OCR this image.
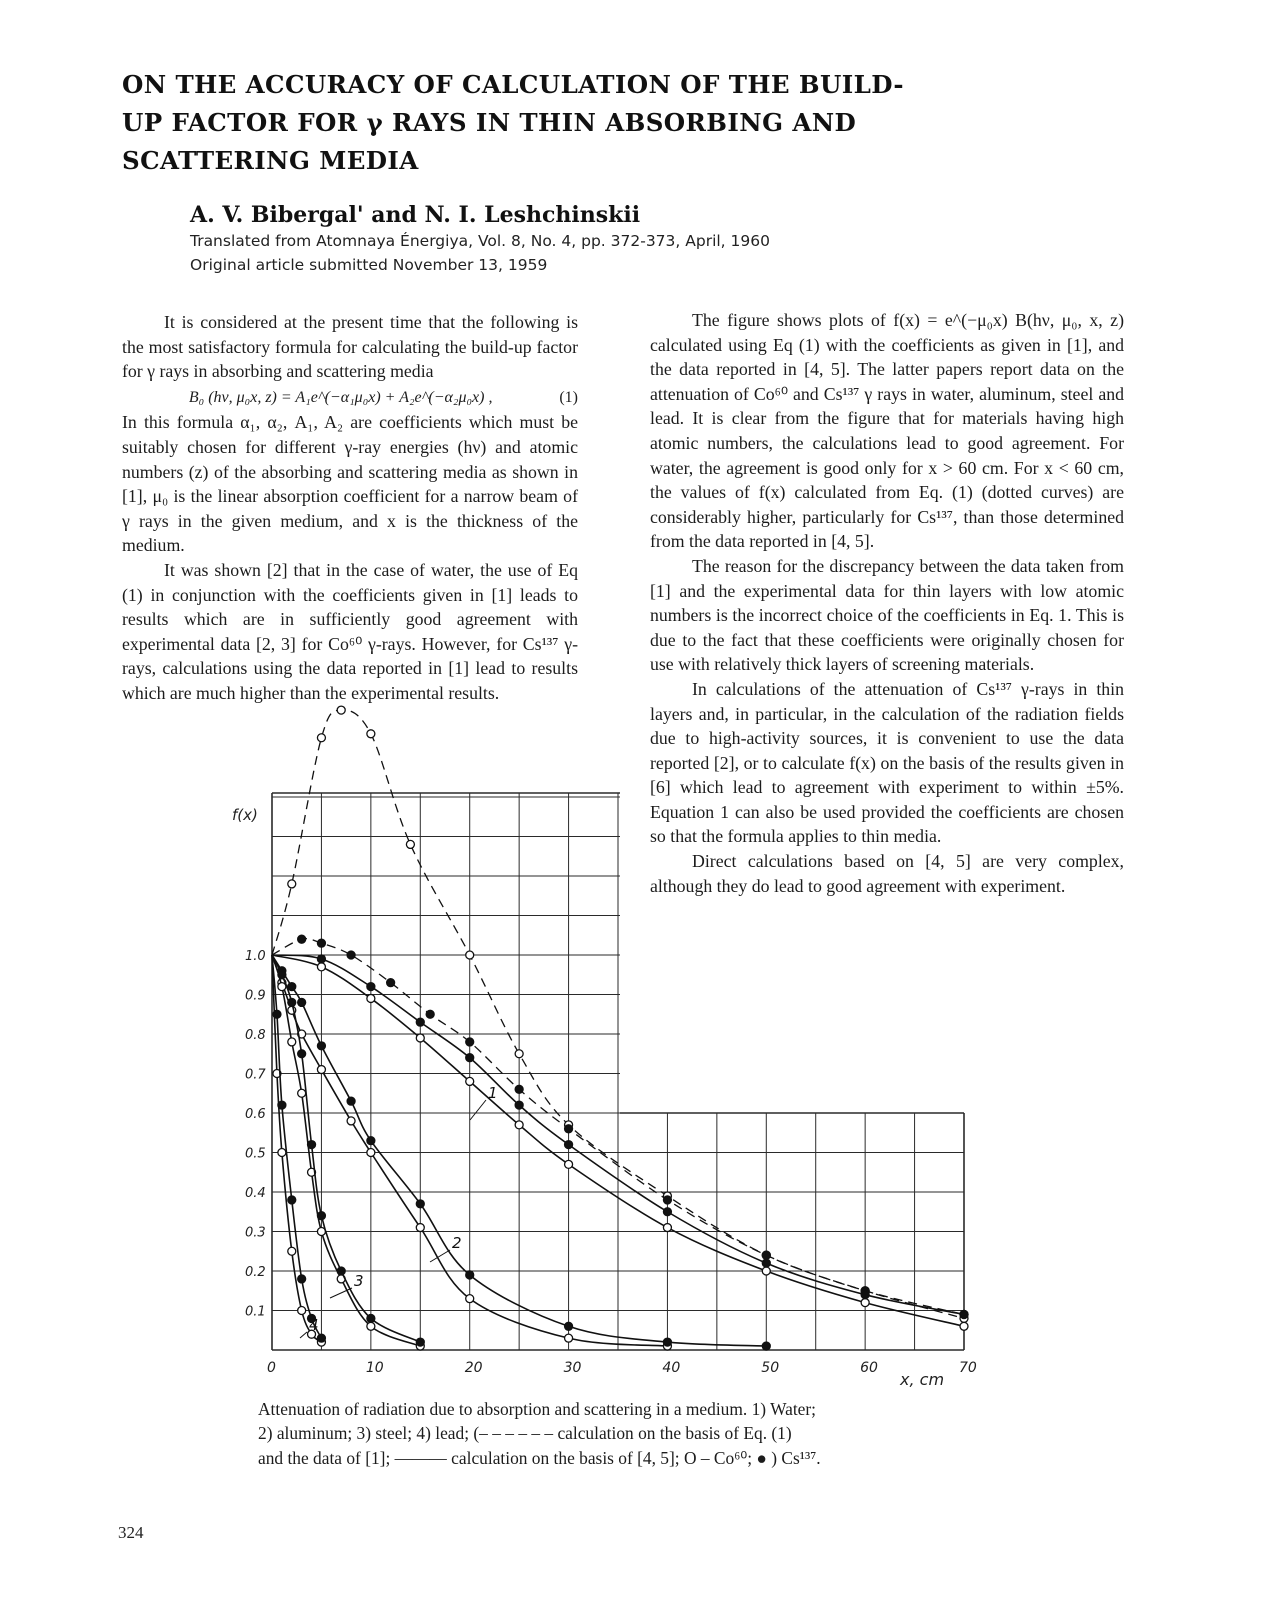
ON THE ACCURACY OF CALCULATION OF THE BUILD-
UP FACTOR FOR γ RAYS IN THIN ABSORBING AND
SCATTERING MEDIA
A. V. Bibergal' and N. I. Leshchinskii
Translated from Atomnaya Énergiya, Vol. 8, No. 4, pp. 372-373, April, 1960
Original article submitted November 13, 1959

It is considered at the present time that the following is the most satisfactory formula for calculating the build-up factor for γ rays in absorbing and scattering media

B₀ (hν, μ₀x, z) = A₁e^(−α₁μ₀x) + A₂e^(−α₂μ₀x) ,	(1)

In this formula α₁, α₂, A₁, A₂ are coefficients which must be suitably chosen for different γ-ray energies (hν) and atomic numbers (z) of the absorbing and scattering media as shown in [1], μ₀ is the linear absorption coefficient for a narrow beam of γ rays in the given medium, and x is the thickness of the medium.

It was shown [2] that in the case of water, the use of Eq (1) in conjunction with the coefficients given in [1] leads to results which are in sufficiently good agreement with experimental data [2, 3] for Co⁶⁰ γ-rays. However, for Cs¹³⁷ γ-rays, calculations using the data reported in [1] lead to results which are much higher than the experimental results.

The figure shows plots of f(x) = e^(−μ₀x) B(hν, μ₀, x, z) calculated using Eq (1) with the coefficients as given in [1], and the data reported in [4, 5]. The latter papers report data on the attenuation of Co⁶⁰ and Cs¹³⁷ γ rays in water, aluminum, steel and lead. It is clear from the figure that for materials having high atomic numbers, the calculations lead to good agreement. For water, the agreement is good only for x > 60 cm. For x < 60 cm, the values of f(x) calculated from Eq. (1) (dotted curves) are considerably higher, particularly for Cs¹³⁷, than those determined from the data reported in [4, 5].

The reason for the discrepancy between the data taken from [1] and the experimental data for thin layers with low atomic numbers is the incorrect choice of the coefficients in Eq. 1. This is due to the fact that these coefficients were originally chosen for use with relatively thick layers of screening materials.

In calculations of the attenuation of Cs¹³⁷ γ-rays in thin layers and, in particular, in the calculation of the radiation fields due to high-activity sources, it is convenient to use the data reported [2], or to calculate f(x) on the basis of the results given in [6] which lead to agreement with experiment to within ±5%. Equation 1 can also be used provided the coefficients are chosen so that the formula applies to thin media.

Direct calculations based on [4, 5] are very complex, although they do lead to good agreement with experiment.

0	10	20	30	40	50	60	70
0.1
0.2
0.3
0.4
0.5
0.6
0.7
0.8
0.9
1.0
f(x)
x, cm
1
2
3
4
Attenuation of radiation due to absorption and scattering in a medium. 1) Water;
2) aluminum; 3) steel; 4) lead; (– – – – – – calculation on the basis of Eq. (1)
and the data of [1]; ——— calculation on the basis of [4, 5]; O – Co⁶⁰; ● ) Cs¹³⁷.
324
